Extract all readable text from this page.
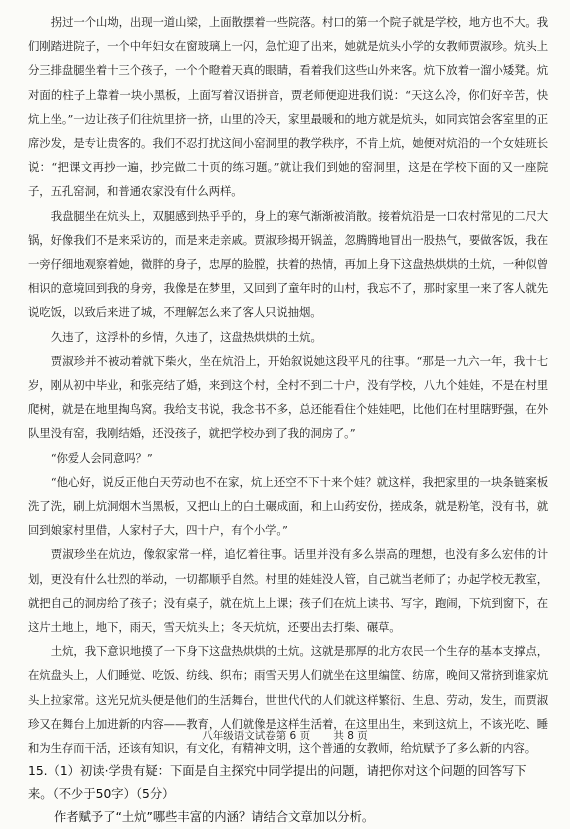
拐过一个山坳，出现一道山梁，上面散摆着一些院落。村口的第一个院子就是学校，地方也不大。我们刚踏进院子，一个中年妇女在窗玻璃上一闪，急忙迎了出来，她就是炕头小学的女教师贾淑珍。炕头上分三排盘腿坐着十三个孩子，一个个瞪着天真的眼睛，看着我们这些山外来客。炕下放着一溜小矮凳。炕对面的柱子上靠着一块小黑板，上面写着汉语拼音，贾老师便迎进我们说：“天这么冷，你们好辛苦，快炕上坐。”一边让孩子们往炕里挤一挤，山里的冷天，家里最暖和的地方就是炕头，如同宾馆会客室里的正席沙发，是专让贵客的。我们不忍打扰这间小窑洞里的教学秩序，不肯上炕，她便对炕沿的一个女娃班长说：“把课文再抄一遍，抄完做二十页的练习题。”就让我们到她的窑洞里，这是在学校下面的又一座院子，五孔窑洞，和普通农家没有什么两样。

我盘腿坐在炕头上，双腿感到热乎乎的，身上的寒气渐渐被消散。接着炕沿是一口农村常见的二尺大锅，好像我们不是来采访的，而是来走亲戚。贾淑珍揭开锅盖，忽腾腾地冒出一股热气，要做客饭，我在一旁仔细地观察着她，微胖的身子，忠厚的脸膛，扶着的热情，再加上身下这盘热烘烘的土炕，一种似曾相识的意境回到我的身旁，我像是在梦里，又回到了童年时的山村，我忘不了，那时家里一来了客人就先说吃饭，以致后来进了城，不理解怎么来了客人只说抽烟。

久违了，这浮朴的乡情，久违了，这盘热烘烘的土炕。

贾淑珍并不被动着就下柴火，坐在炕沿上，开始叙说她这段平凡的往事。“那是一九六一年，我十七岁，刚从初中毕业，和张亮结了婚，来到这个村，全村不到二十户，没有学校，八九个娃娃，不是在村里爬树，就是在地里掏鸟窝。我给支书说，我念书不多，总还能看住个娃娃吧，比他们在村里瞎野强，在外队里没有窑，我刚结婚，还没孩子，就把学校办到了我的洞房了。”

“你爱人会同意吗？”

“他心好，说反正他白天劳动也不在家，炕上还空不下十来个娃？就这样，我把家里的一块条链案板洗了洗，刷上炕洞烟木当黑板，又把山上的白土碾成面，和上山药安份，搓成条，就是粉笔，没有书，就回到娘家村里借，人家村子大，四十户，有个小学。”

贾淑珍坐在炕边，像叙家常一样，追忆着往事。话里并没有多么崇高的理想，也没有多么宏伟的计划，更没有什么壮烈的举动，一切都顺乎自然。村里的娃娃没人管，自己就当老师了；办起学校无教室，就把自己的洞房给了孩子；没有桌子，就在炕上上课；孩子们在炕上读书、写字，跑闹，下炕到窗下，在这片土地上，地下，雨天，雪天炕头上；冬天炕炕，还要出去打柴、碾草。

土炕，我下意识地摸了一下身下这盘热烘烘的土炕。这就是那厚的北方农民一个生存的基本支撑点，在炕盘头上，人们睡觉、吃饭、纺线、织布；雨雪天男人们就坐在这里编筐、纺席，晚间又常挤到谁家炕头上拉家常。这光兄炕头便是他们的生活舞台，世世代代的人们就这样繁衍、生息、劳动，发生，而贾淑珍又在舞台上加进新的内容——教育，人们就像是这样生活着，在这里出生，来到这炕上，不该光吃、睡和为生存而干活，还该有知识，有文化，有精神文明，这个普通的女教师，给炕赋予了多么新的内容。

15.（1）初读·学贵有疑：下面是自主探究中同学提出的问题，请把你对这个问题的回答写下来。（不少于50字）（5分）

作者赋予了“土炕”哪些丰富的内涵？请结合文章加以分析。

八年级语文试卷第 6 页 共 8 页
